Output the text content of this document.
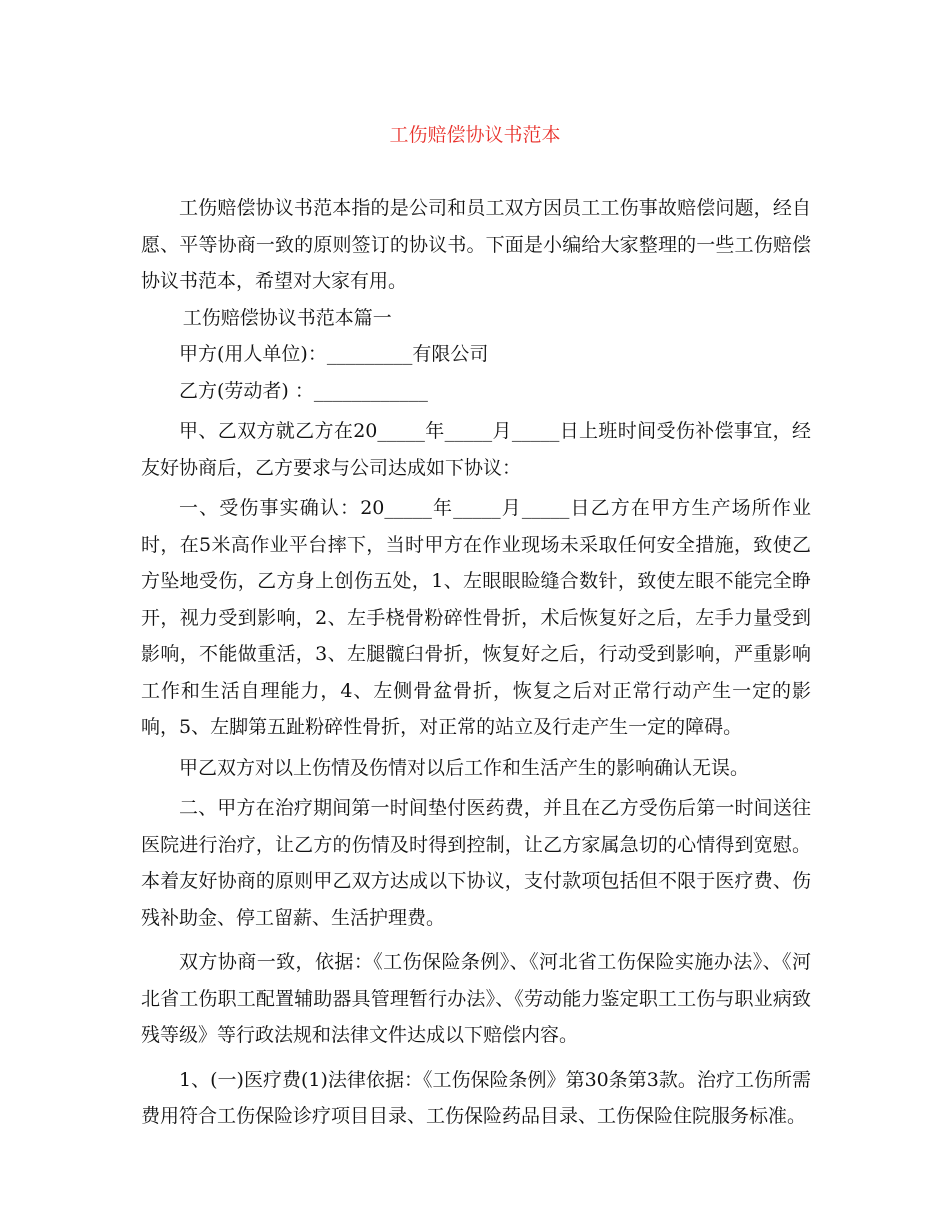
工伤赔偿协议书范本

工伤赔偿协议书范本指的是公司和员工双方因员工工伤事故赔偿问题，经自愿、平等协商一致的原则签订的协议书。下面是小编给大家整理的一些工伤赔偿协议书范本，希望对大家有用。

工伤赔偿协议书范本篇一

甲方(用人单位)：_________有限公司

乙方(劳动者) ：____________

甲、乙双方就乙方在20_____年_____月_____日上班时间受伤补偿事宜，经友好协商后，乙方要求与公司达成如下协议：

一、受伤事实确认：20_____年_____月_____日乙方在甲方生产场所作业时，在5米高作业平台摔下，当时甲方在作业现场未采取任何安全措施，致使乙方坠地受伤，乙方身上创伤五处，1、左眼眼睑缝合数针，致使左眼不能完全睁开，视力受到影响，2、左手桡骨粉碎性骨折，术后恢复好之后，左手力量受到影响，不能做重活，3、左腿髋臼骨折，恢复好之后，行动受到影响，严重影响工作和生活自理能力，4、左侧骨盆骨折，恢复之后对正常行动产生一定的影响，5、左脚第五趾粉碎性骨折，对正常的站立及行走产生一定的障碍。

甲乙双方对以上伤情及伤情对以后工作和生活产生的影响确认无误。

二、甲方在治疗期间第一时间垫付医药费，并且在乙方受伤后第一时间送往医院进行治疗，让乙方的伤情及时得到控制，让乙方家属急切的心情得到宽慰。本着友好协商的原则甲乙双方达成以下协议，支付款项包括但不限于医疗费、伤残补助金、停工留薪、生活护理费。

双方协商一致，依据：《工伤保险条例》、《河北省工伤保险实施办法》、《河北省工伤职工配置辅助器具管理暂行办法》、《劳动能力鉴定职工工伤与职业病致残等级》等行政法规和法律文件达成以下赔偿内容。

1、(一)医疗费(1)法律依据：《工伤保险条例》第30条第3款。治疗工伤所需费用符合工伤保险诊疗项目目录、工伤保险药品目录、工伤保险住院服务标准。
